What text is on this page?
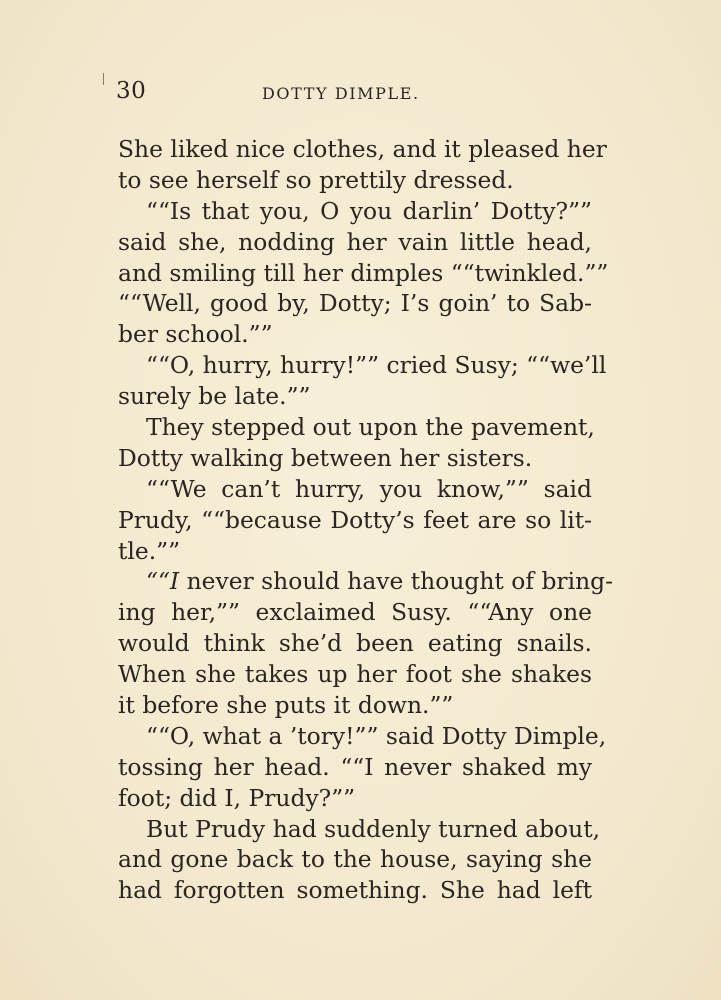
30	DOTTY DIMPLE.
She liked nice clothes, and it pleased her
to see herself so prettily dressed.
““Is that you, O you darlin’ Dotty?””
said she, nodding her vain little head,
and smiling till her dimples ““twinkled.””
““Well, good by, Dotty; I’s goin’ to Sab-
ber school.””
““O, hurry, hurry!”” cried Susy; ““we’ll
surely be late.””
They stepped out upon the pavement,
Dotty walking between her sisters.
““We can’t hurry, you know,”” said
Prudy, ““because Dotty’s feet are so lit-
tle.””
““I never should have thought of bring-
ing her,”” exclaimed Susy. ““Any one
would think she’d been eating snails.
When she takes up her foot she shakes
it before she puts it down.””
““O, what a ’tory!”” said Dotty Dimple,
tossing her head. ““I never shaked my
foot; did I, Prudy?””
But Prudy had suddenly turned about,
and gone back to the house, saying she
had forgotten something. She had left
